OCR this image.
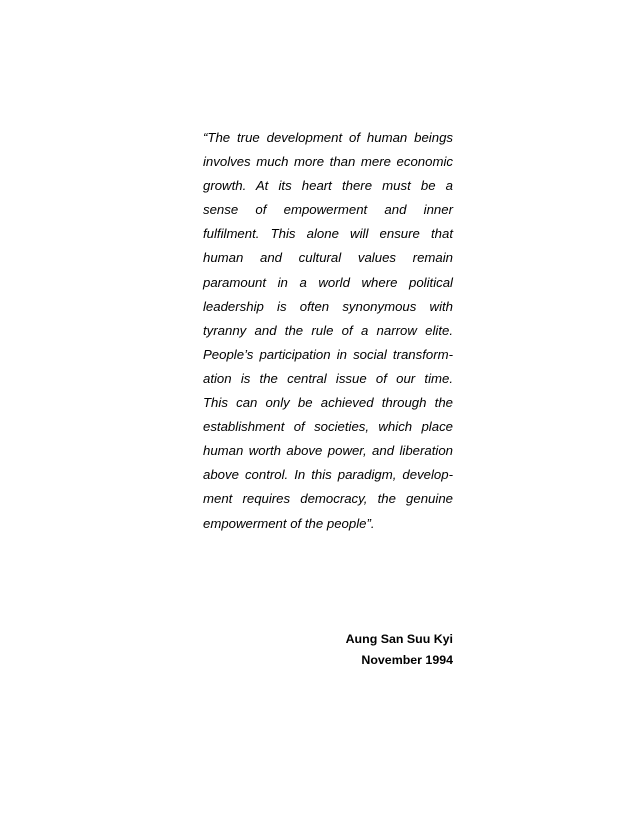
“The true development of human beings
involves much more than mere economic
growth. At its heart there must be a
sense of empowerment and inner
fulfilment. This alone will ensure that
human and cultural values remain
paramount in a world where political
leadership is often synonymous with
tyranny and the rule of a narrow elite.
People’s participation in social transform-
ation is the central issue of our time.
This can only be achieved through the
establishment of societies, which place
human worth above power, and liberation
above control. In this paradigm, develop-
ment requires democracy, the genuine
empowerment of the people”.
Aung San Suu Kyi
November 1994
